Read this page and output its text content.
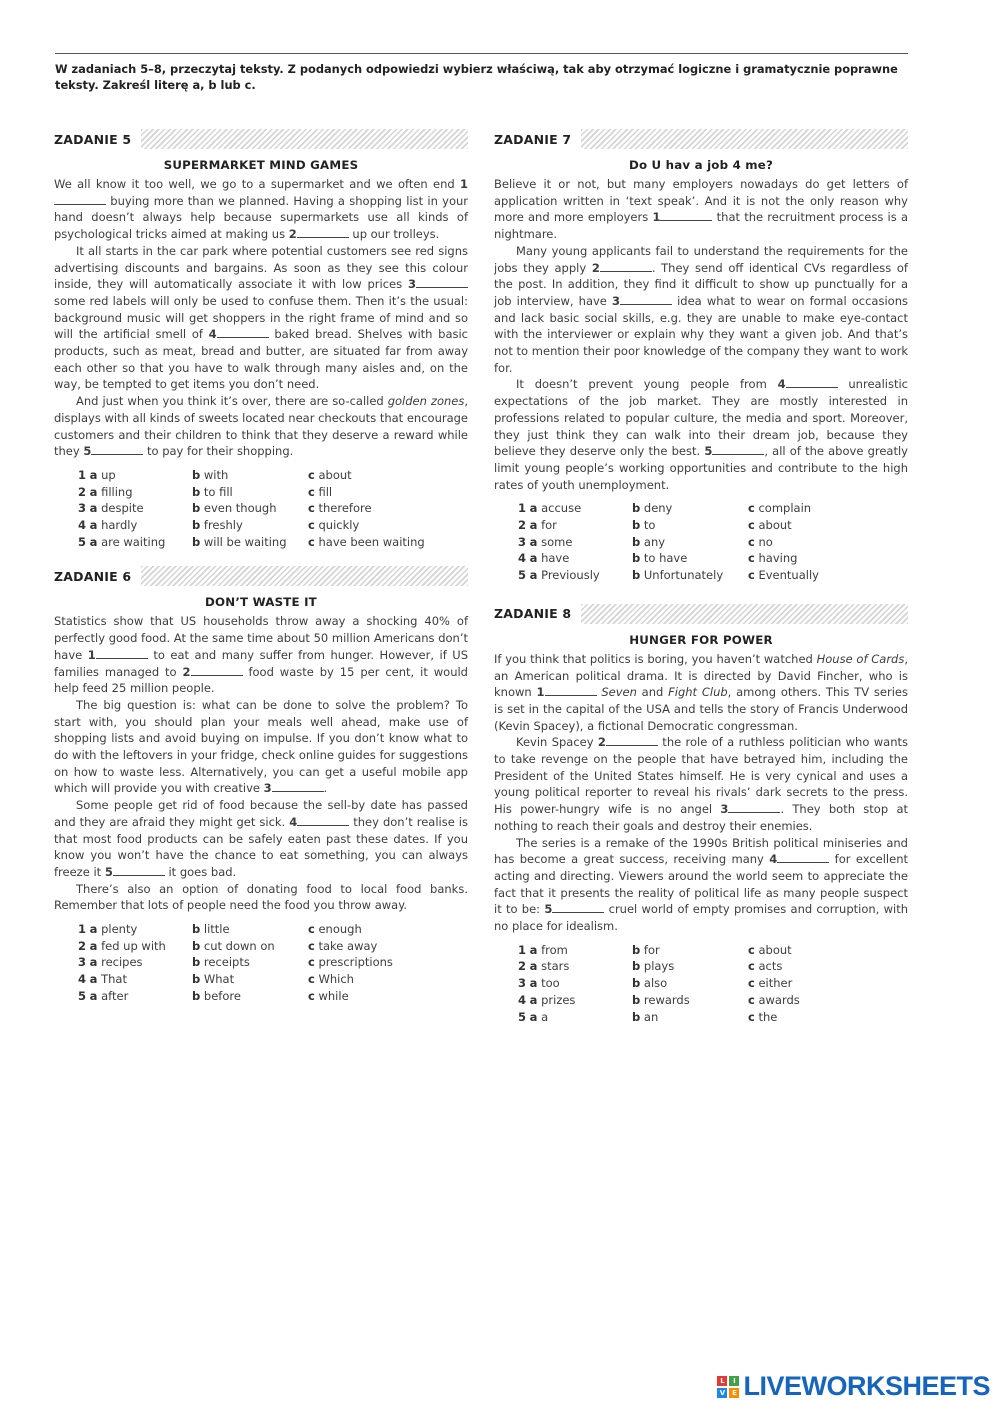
W zadaniach 5–8, przeczytaj teksty. Z podanych odpowiedzi wybierz właściwą, tak aby otrzymać logiczne i gramatycznie poprawne teksty. Zakreśl literę a, b lub c.
ZADANIE 5
SUPERMARKET MIND GAMES

We all know it too well, we go to a supermarket and we often end 1 buying more than we planned. Having a shopping list in your hand doesn’t always help because supermarkets use all kinds of psychological tricks aimed at making us 2	up our trolleys.

It all starts in the car park where potential customers see red signs advertising discounts and bargains. As soon as they see this colour inside, they will automatically associate it with low prices 3 some red labels will only be used to confuse them. Then it’s the usual: background music will get shoppers in the right frame of mind and so will the artificial smell of 4	baked bread. Shelves with basic products, such as meat, bread and butter, are situated far from away each other so that you have to walk through many aisles and, on the way, be tempted to get items you don’t need.

And just when you think it’s over, there are so-called golden zones, displays with all kinds of sweets located near checkouts that encourage customers and their children to think that they deserve a reward while they 5	to pay for their shopping.

1 a up	b with	c about
2 a filling	b to fill	c fill
3 a despite	b even though	c therefore
4 a hardly	b freshly	c quickly
5 a are waiting	b will be waiting	c have been waiting
ZADANIE 6
DON’T WASTE IT

Statistics show that US households throw away a shocking 40% of perfectly good food. At the same time about 50 million Americans don’t have 1	to eat and many suffer from hunger. However, if US families managed to 2	food waste by 15 per cent, it would help feed 25 million people.

The big question is: what can be done to solve the problem? To start with, you should plan your meals well ahead, make use of shopping lists and avoid buying on impulse. If you don’t know what to do with the leftovers in your fridge, check online guides for suggestions on how to waste less. Alternatively, you can get a useful mobile app which will provide you with creative 3	.

Some people get rid of food because the sell-by date has passed and they are afraid they might get sick. 4	they don’t realise is that most food products can be safely eaten past these dates. If you know you won’t have the chance to eat something, you can always freeze it 5	it goes bad.

There’s also an option of donating food to local food banks. Remember that lots of people need the food you throw away.

1 a plenty	b little	c enough
2 a fed up with	b cut down on	c take away
3 a recipes	b receipts	c prescriptions
4 a That	b What	c Which
5 a after	b before	c while
ZADANIE 7
Do U hav a job 4 me?

Believe it or not, but many employers nowadays do get letters of application written in ‘text speak’. And it is not the only reason why more and more employers 1	that the recruitment process is a nightmare.

Many young applicants fail to understand the requirements for the jobs they apply 2	. They send off identical CVs regardless of the post. In addition, they find it difficult to show up punctually for a job interview, have 3	idea what to wear on formal occasions and lack basic social skills, e.g. they are unable to make eye-contact with the interviewer or explain why they want a given job. And that’s not to mention their poor knowledge of the company they want to work for.

It doesn’t prevent young people from 4	unrealistic expectations of the job market. They are mostly interested in professions related to popular culture, the media and sport. Moreover, they just think they can walk into their dream job, because they believe they deserve only the best. 5	, all of the above greatly limit young people’s working opportunities and contribute to the high rates of youth unemployment.

1 a accuse	b deny	c complain
2 a for	b to	c about
3 a some	b any	c no
4 a have	b to have	c having
5 a Previously	b Unfortunately	c Eventually
ZADANIE 8
HUNGER FOR POWER

If you think that politics is boring, you haven’t watched House of Cards, an American political drama. It is directed by David Fincher, who is known 1	Seven and Fight Club, among others. This TV series is set in the capital of the USA and tells the story of Francis Underwood (Kevin Spacey), a fictional Democratic congressman.

Kevin Spacey 2	the role of a ruthless politician who wants to take revenge on the people that have betrayed him, including the President of the United States himself. He is very cynical and uses a young political reporter to reveal his rivals’ dark secrets to the press. His power-hungry wife is no angel 3	. They both stop at nothing to reach their goals and destroy their enemies.

The series is a remake of the 1990s British political miniseries and has become a great success, receiving many 4	for excellent acting and directing. Viewers around the world seem to appreciate the fact that it presents the reality of political life as many people suspect it to be: 5	cruel world of empty promises and corruption, with no place for idealism.

1 a from	b for	c about
2 a stars	b plays	c acts
3 a too	b also	c either
4 a prizes	b rewards	c awards
5 a a	b an	c the
L	I
V E LIVEWORKSHEETS
